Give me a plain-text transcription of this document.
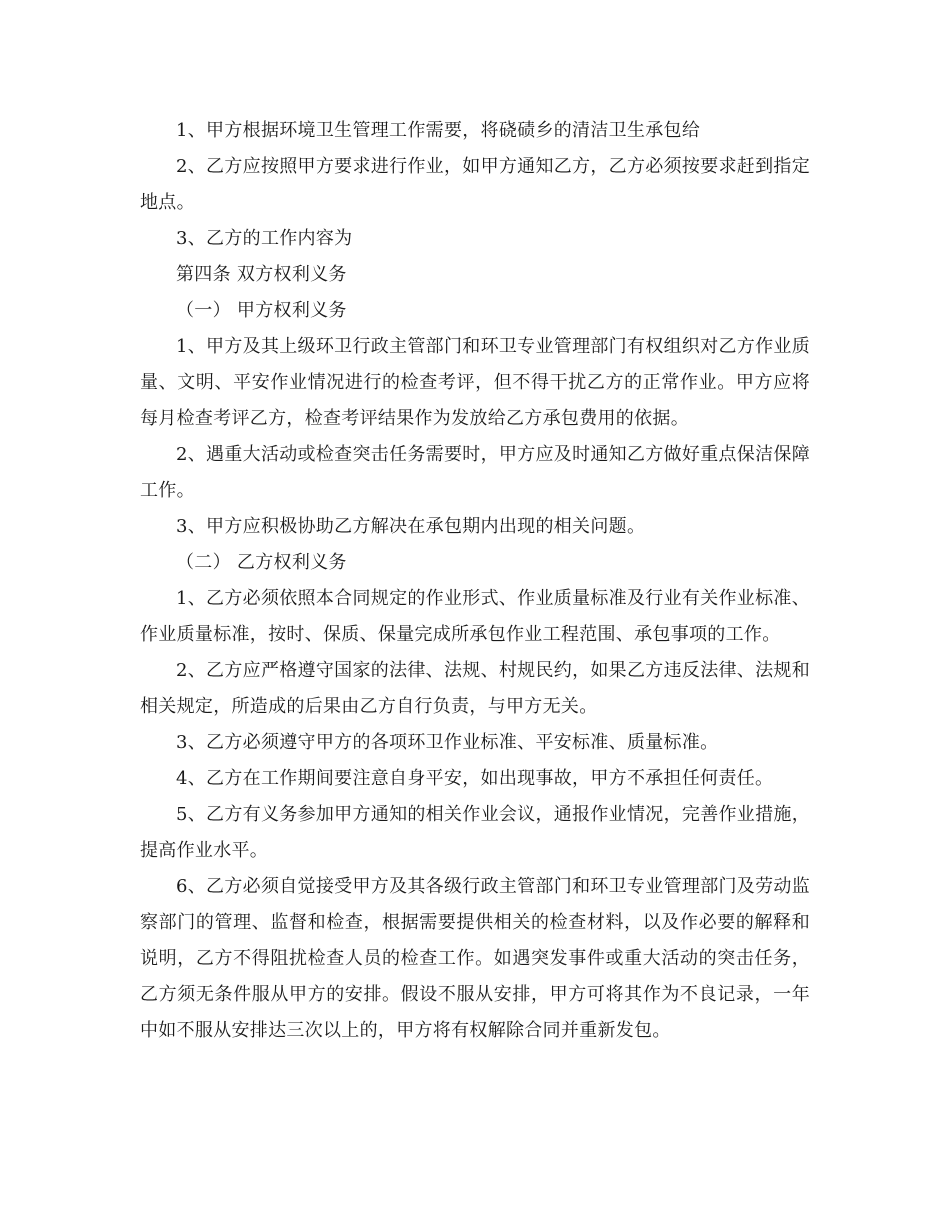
1、甲方根据环境卫生管理工作需要，将硗碛乡的清洁卫生承包给

2、乙方应按照甲方要求进行作业，如甲方通知乙方，乙方必须按要求赶到指定地点。

3、乙方的工作内容为

第四条 双方权利义务

（一） 甲方权利义务

1、甲方及其上级环卫行政主管部门和环卫专业管理部门有权组织对乙方作业质量、文明、平安作业情况进行的检查考评，但不得干扰乙方的正常作业。甲方应将每月检查考评乙方，检查考评结果作为发放给乙方承包费用的依据。

2、遇重大活动或检查突击任务需要时，甲方应及时通知乙方做好重点保洁保障工作。

3、甲方应积极协助乙方解决在承包期内出现的相关问题。

（二） 乙方权利义务

1、乙方必须依照本合同规定的作业形式、作业质量标准及行业有关作业标准、作业质量标准，按时、保质、保量完成所承包作业工程范围、承包事项的工作。

2、乙方应严格遵守国家的法律、法规、村规民约，如果乙方违反法律、法规和相关规定，所造成的后果由乙方自行负责，与甲方无关。

3、乙方必须遵守甲方的各项环卫作业标准、平安标准、质量标准。

4、乙方在工作期间要注意自身平安，如出现事故，甲方不承担任何责任。

5、乙方有义务参加甲方通知的相关作业会议，通报作业情况，完善作业措施，提高作业水平。

6、乙方必须自觉接受甲方及其各级行政主管部门和环卫专业管理部门及劳动监察部门的管理、监督和检查，根据需要提供相关的检查材料，以及作必要的解释和说明，乙方不得阻扰检查人员的检查工作。如遇突发事件或重大活动的突击任务，乙方须无条件服从甲方的安排。假设不服从安排，甲方可将其作为不良记录，一年中如不服从安排达三次以上的，甲方将有权解除合同并重新发包。
